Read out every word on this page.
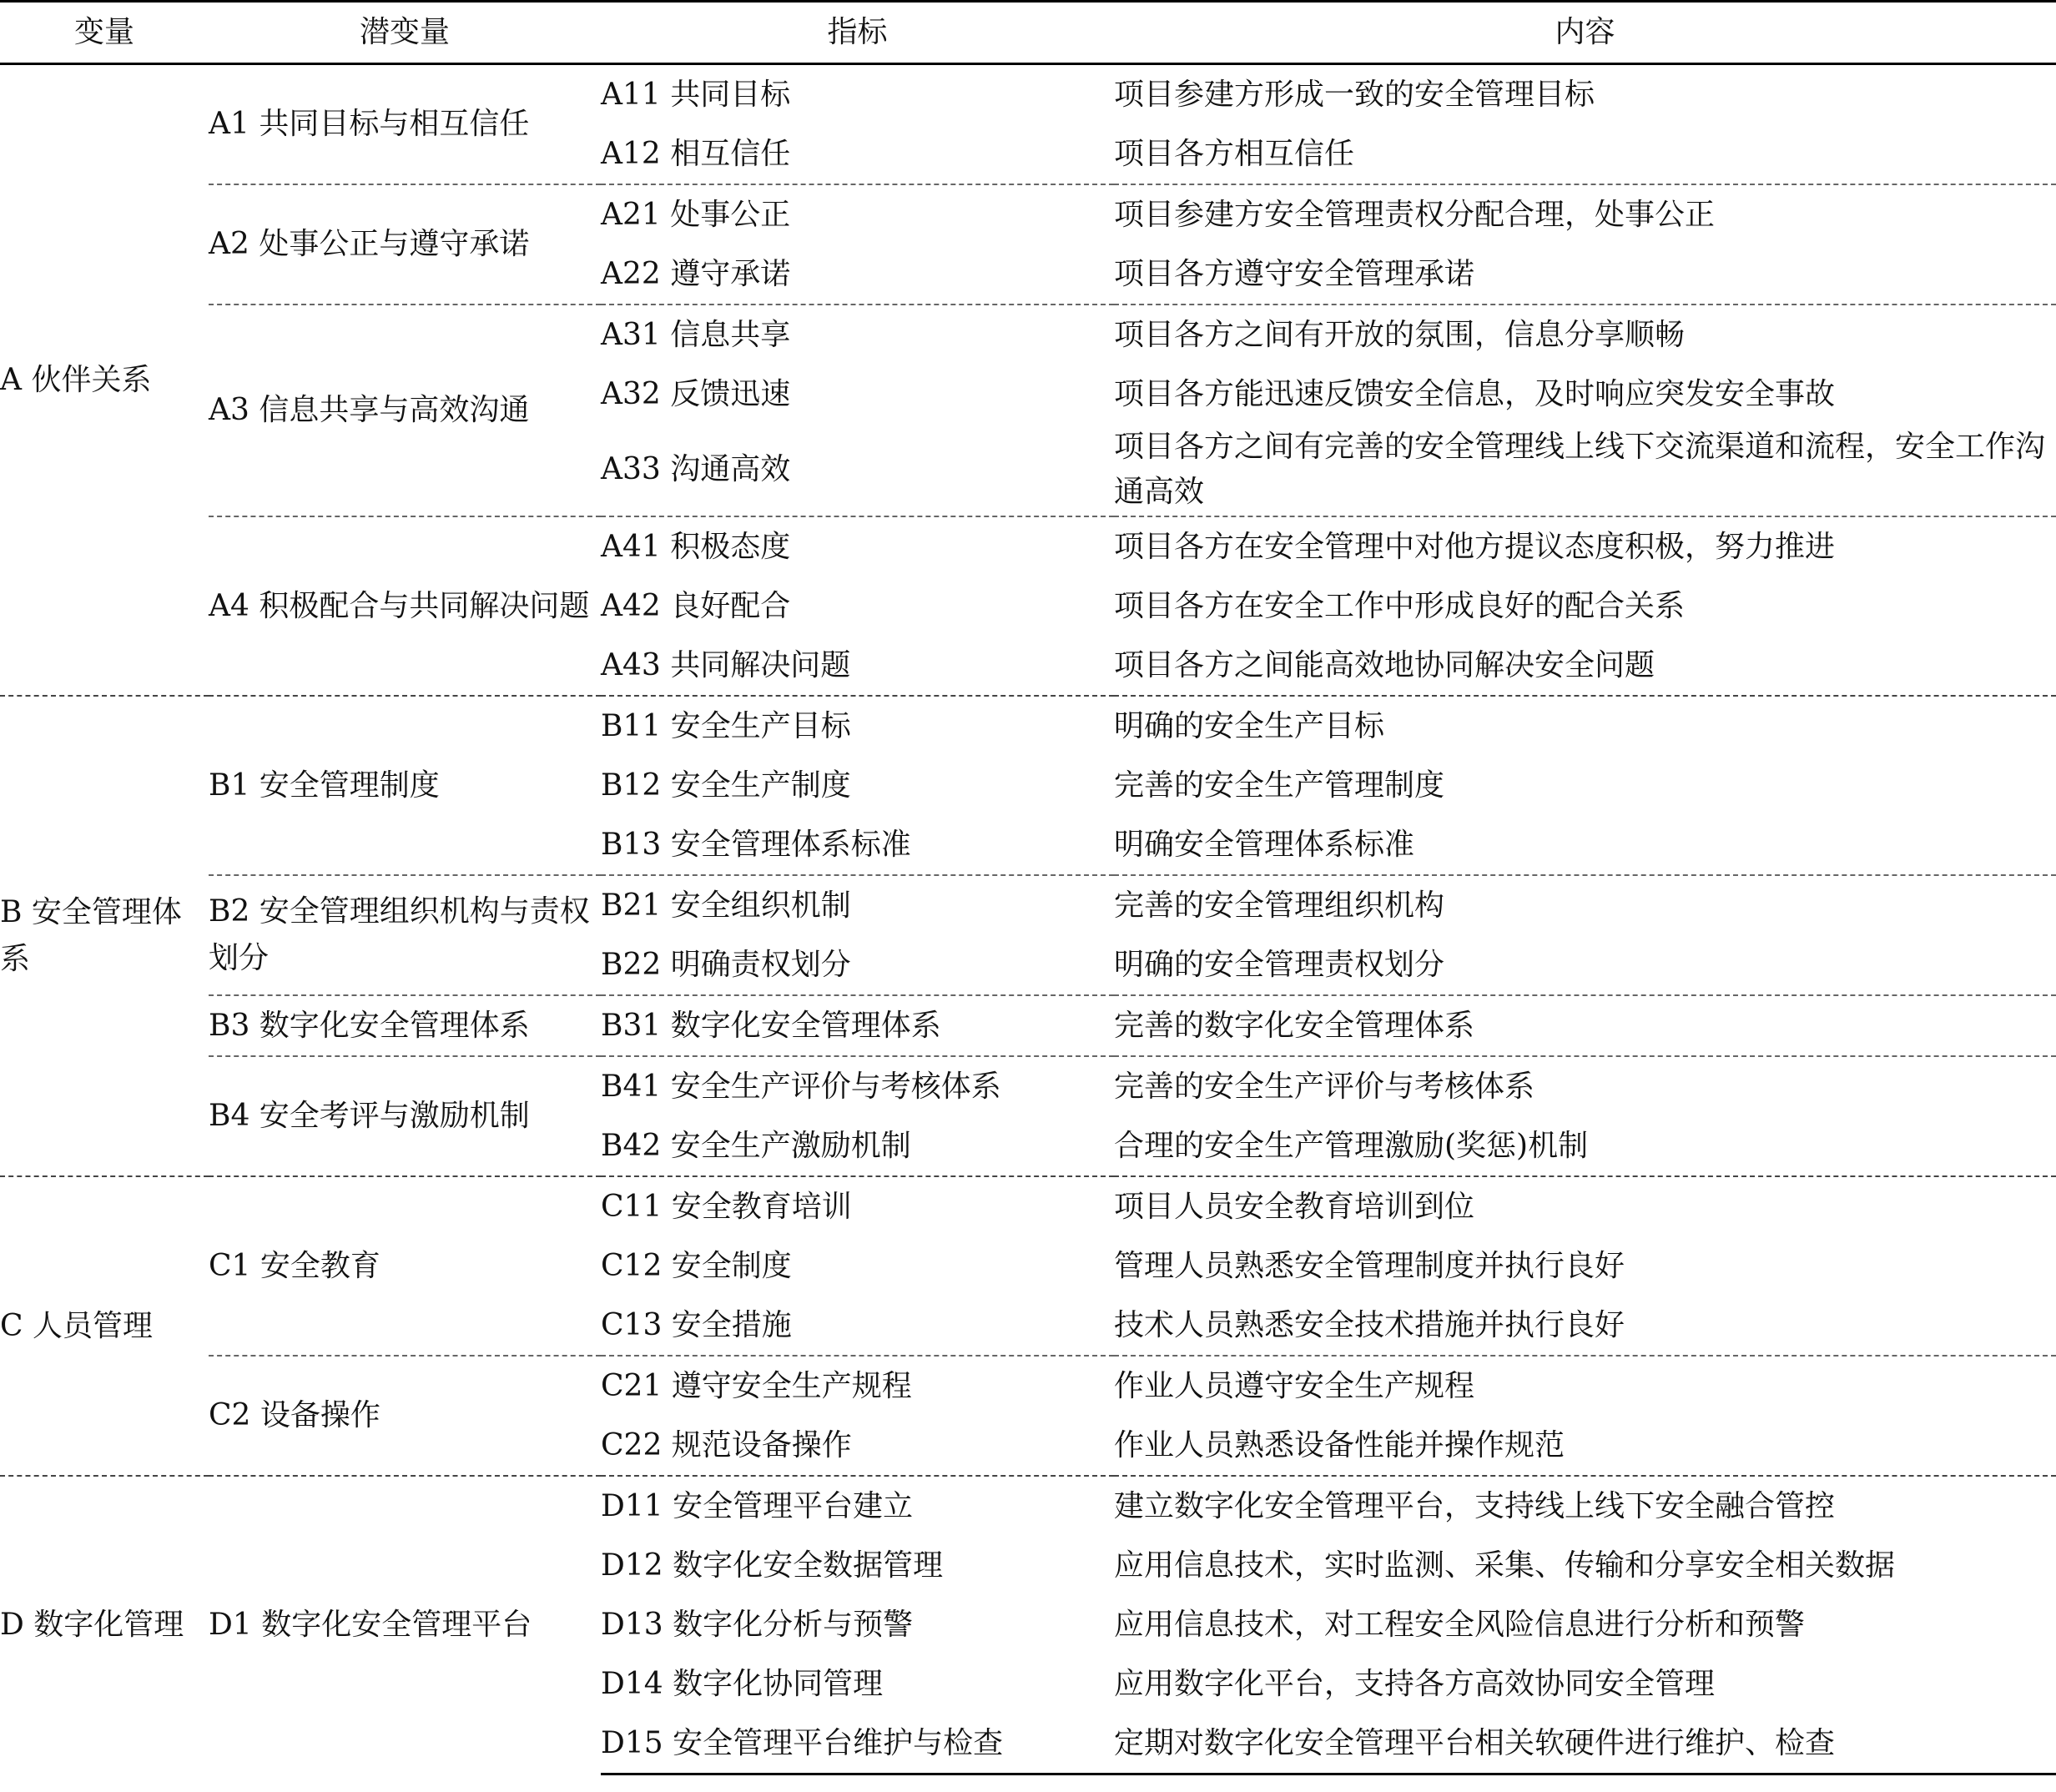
变量	潜变量	指标	内容
A 伙伴关系	A1 共同目标与相互信任	A11 共同目标	项目参建方形成一致的安全管理目标
		A12 相互信任	项目各方相互信任
	A2 处事公正与遵守承诺	A21 处事公正	项目参建方安全管理责权分配合理，处事公正
		A22 遵守承诺	项目各方遵守安全管理承诺
	A3 信息共享与高效沟通	A31 信息共享	项目各方之间有开放的氛围，信息分享顺畅
		A32 反馈迅速	项目各方能迅速反馈安全信息，及时响应突发安全事故
		A33 沟通高效	项目各方之间有完善的安全管理线上线下交流渠道和流程，安全工作沟通高效
	A4 积极配合与共同解决问题	A41 积极态度	项目各方在安全管理中对他方提议态度积极，努力推进
		A42 良好配合	项目各方在安全工作中形成良好的配合关系
		A43 共同解决问题	项目各方之间能高效地协同解决安全问题
B 安全管理体系	B1 安全管理制度	B11 安全生产目标	明确的安全生产目标
		B12 安全生产制度	完善的安全生产管理制度
		B13 安全管理体系标准	明确安全管理体系标准
	B2 安全管理组织机构与责权划分	B21 安全组织机制	完善的安全管理组织机构
		B22 明确责权划分	明确的安全管理责权划分
	B3 数字化安全管理体系	B31 数字化安全管理体系	完善的数字化安全管理体系
	B4 安全考评与激励机制	B41 安全生产评价与考核体系	完善的安全生产评价与考核体系
		B42 安全生产激励机制	合理的安全生产管理激励(奖惩)机制
C 人员管理	C1 安全教育	C11 安全教育培训	项目人员安全教育培训到位
		C12 安全制度	管理人员熟悉安全管理制度并执行良好
		C13 安全措施	技术人员熟悉安全技术措施并执行良好
	C2 设备操作	C21 遵守安全生产规程	作业人员遵守安全生产规程
		C22 规范设备操作	作业人员熟悉设备性能并操作规范
D 数字化管理	D1 数字化安全管理平台	D11 安全管理平台建立	建立数字化安全管理平台，支持线上线下安全融合管控
		D12 数字化安全数据管理	应用信息技术，实时监测、采集、传输和分享安全相关数据
		D13 数字化分析与预警	应用信息技术，对工程安全风险信息进行分析和预警
		D14 数字化协同管理	应用数字化平台，支持各方高效协同安全管理
		D15 安全管理平台维护与检查	定期对数字化安全管理平台相关软硬件进行维护、检查
